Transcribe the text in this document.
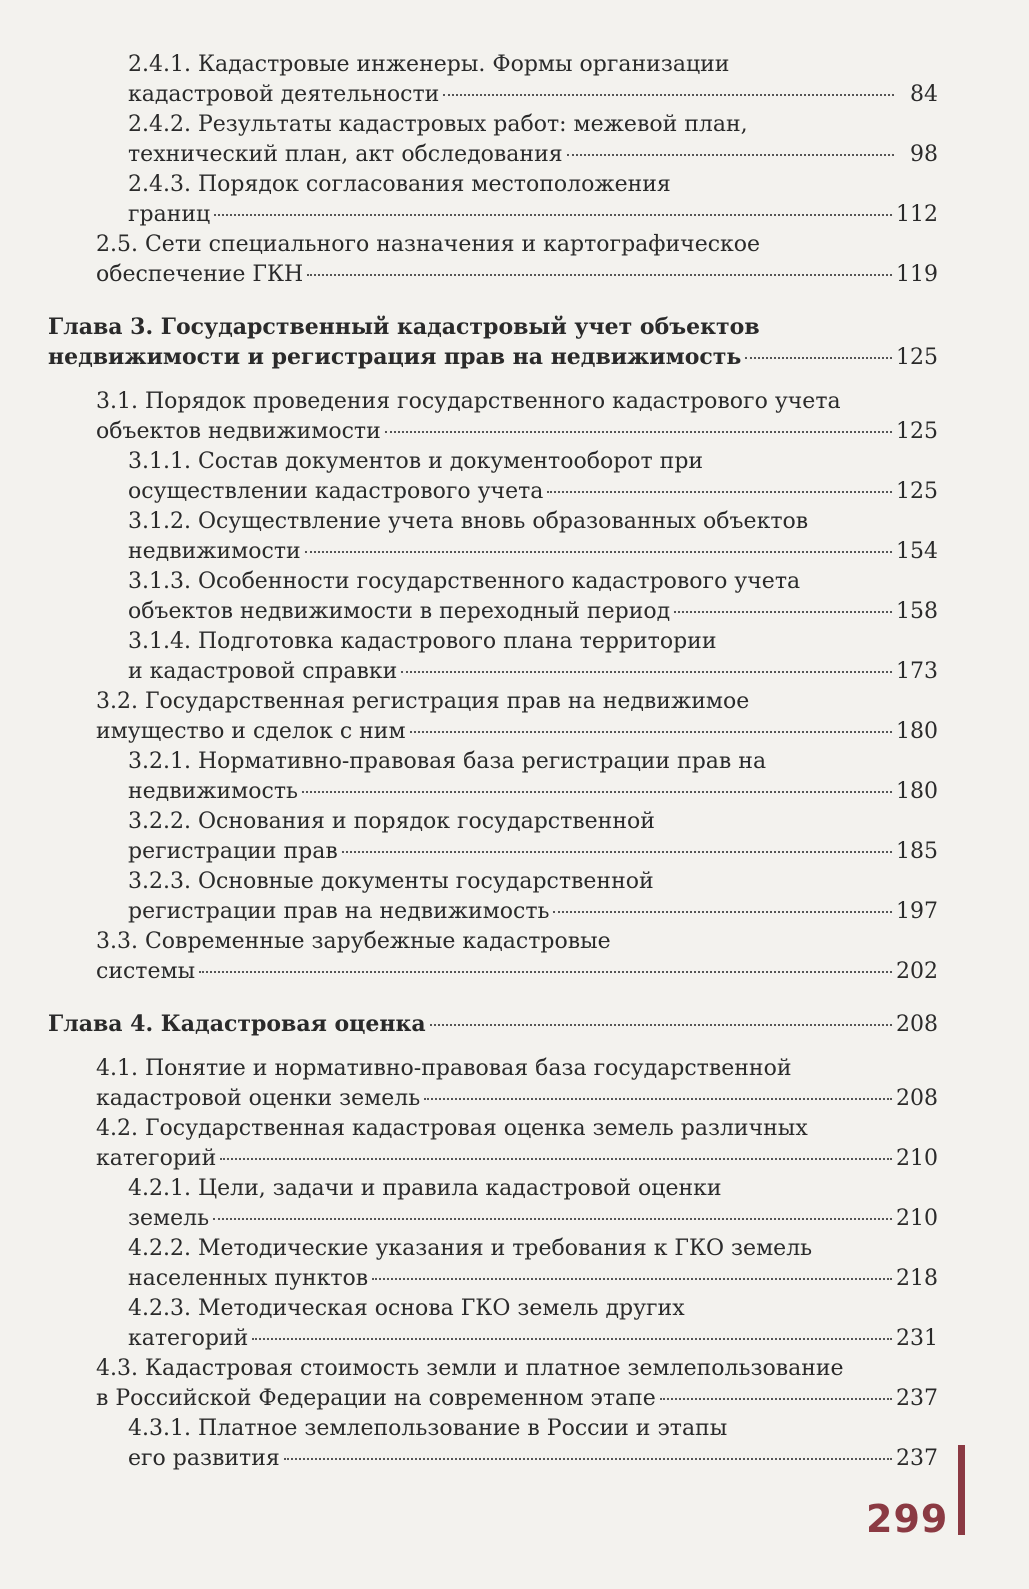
2.4.1. Кадастровые инженеры. Формы организации
кадастровой деятельности	84
2.4.2. Результаты кадастровых работ: межевой план,
технический план, акт обследования	98
2.4.3. Порядок согласования местоположения
границ	112
2.5. Сети специального назначения и картографическое
обеспечение ГКН	119
Глава 3. Государственный кадастровый учет объектов
недвижимости и регистрация прав на недвижимость	125
3.1. Порядок проведения государственного кадастрового учета
объектов недвижимости	125
3.1.1. Состав документов и документооборот при
осуществлении кадастрового учета	125
3.1.2. Осуществление учета вновь образованных объектов
недвижимости	154
3.1.3. Особенности государственного кадастрового учета
объектов недвижимости в переходный период	158
3.1.4. Подготовка кадастрового плана территории
и кадастровой справки	173
3.2. Государственная регистрация прав на недвижимое
имущество и сделок с ним	180
3.2.1. Нормативно-правовая база регистрации прав на
недвижимость	180
3.2.2. Основания и порядок государственной
регистрации прав	185
3.2.3. Основные документы государственной
регистрации прав на недвижимость	197
3.3. Современные зарубежные кадастровые
системы	202
Глава 4. Кадастровая оценка	208
4.1. Понятие и нормативно-правовая база государственной
кадастровой оценки земель	208
4.2. Государственная кадастровая оценка земель различных
категорий	210
4.2.1. Цели, задачи и правила кадастровой оценки
земель	210
4.2.2. Методические указания и требования к ГКО земель
населенных пунктов	218
4.2.3. Методическая основа ГКО земель других
категорий	231
4.3. Кадастровая стоимость земли и платное землепользование
в Российской Федерации на современном этапе	237
4.3.1. Платное землепользование в России и этапы
его развития	237
299
